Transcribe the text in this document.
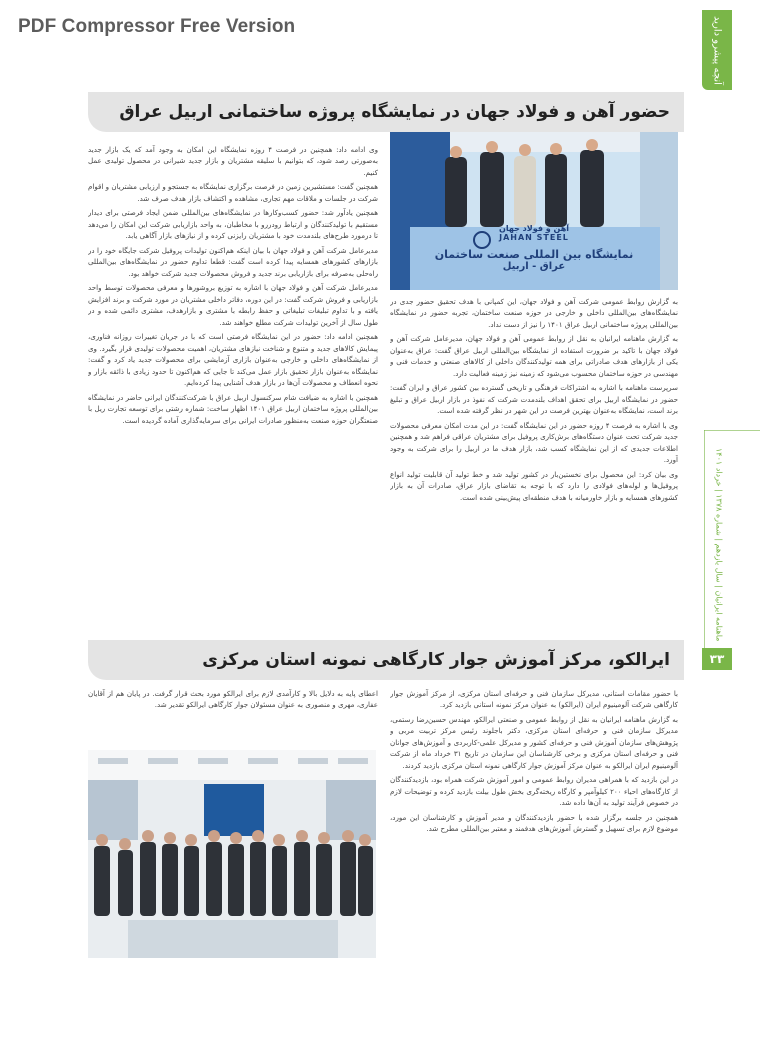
PDF Compressor Free Version	آنچه پیشرو دارید
ماهنامه ایرانیان | سال یازدهم | شماره ۱۳۷۸ | خرداد ۱۴۰۱
۳۳
حضور آهن و فولاد جهان در نمایشگاه پروژه ساختمانی اربیل عراق
آهن و فولاد جهان
JAHAN STEEL
نمایشگاه بین المللی صنعت ساختمان
عراق - اربیل

وی ادامه داد: همچنین در فرصت ۴ روزه نمایشگاه این امکان به وجود آمد که یک بازار جدید به‌صورتی رصد شود، که بتوانیم با سلیقه مشتریان و بازار جدید شیرانی در محصول تولیدی عمل کنیم.

همچنین گفت: مستشیرین زمین در فرصت برگزاری نمایشگاه به جستجو و ارزیابی مشتریان و اقوام شرکت در جلسات و ملاقات مهم تجاری، مشاهده و اکتشاف بازار هدف صرف شد.

همچنین یادآور شد: حضور کسب‌وکارها در نمایشگاه‌های بین‌المللی ضمن ایجاد فرصتی برای دیدار مستقیم با تولیدکنندگان و ارتباط رودررو با مخاطبان، به واحد بازاریابی شرکت این امکان را می‌دهد تا درمورد طرح‌های بلندمدت خود با مشتریان رایزنی کرده و از نیازهای بازار آگاهی یابد.

مدیرعامل شرکت آهن و فولاد جهان با بیان اینکه هم‌اکنون تولیدات پروفیل شرکت جایگاه خود را در بازارهای کشورهای همسایه پیدا کرده است گفت: قطعا تداوم حضور در نمایشگاه‌های بین‌المللی راه‌حلی به‌صرفه برای بازاریابی برند جدید و فروش محصولات جدید شرکت خواهد بود.

مدیرعامل شرکت آهن و فولاد جهان با اشاره به توزیع بروشورها و معرفی محصولات توسط واحد بازاریابی و فروش شرکت گفت: در این دوره، دفاتر داخلی مشتریان در مورد شرکت و برند افزایش یافته و با تداوم تبلیغات تبلیغاتی و حفظ رابطه با مشتری و بازارهدف، مشتری دائمی شده و در طول سال از آخرین تولیدات شرکت مطلع خواهند شد.

همچنین ادامه داد: حضور در این نمایشگاه فرصتی است که با در جریان تغییرات روزانه فناوری، پیمایش کالاهای جدید و متنوع و شناخت نیازهای مشتریان، اهمیت محصولات تولیدی قرار بگیرد. وی از نمایشگاه‌های داخلی و خارجی به‌عنوان بازاری آزمایشی برای محصولات جدید یاد کرد و گفت: نمایشگاه به‌عنوان بازار تحقیق بازار عمل می‌کند تا جایی که هم‌اکنون تا حدود زیادی با ذائقه بازار و نحوه انعطاف و محصولات آن‌ها در بازار هدف آشنایی پیدا کرده‌ایم.

همچنین با اشاره به ضیافت شام سرکنسول اربیل عراق با شرکت‌کنندگان ایرانی حاضر در نمایشگاه بین‌المللی پروژه ساختمان اربیل عراق ۱۴۰۱ اظهار ساخت: شماره رشتی برای توسعه تجارت ریل با صنعتگران حوزه صنعت به‌منظور صادرات ایرانی برای سرمایه‌گذاری آماده گردیده است.

به گزارش روابط عمومی شرکت آهن و فولاد جهان، این کمپانی با هدف تحقیق حضور جدی در نمایشگاه‌های بین‌المللی داخلی و خارجی در حوزه صنعت ساختمان، تجربه حضور در نمایشگاه بین‌المللی پروژه ساختمانی اربیل عراق ۱۴۰۱ را نیز از دست نداد.

به گزارش ماهنامه ایرانیان به نقل از روابط عمومی آهن و فولاد جهان، مدیرعامل شرکت آهن و فولاد جهان با تاکید بر ضرورت استفاده از نمایشگاه بین‌المللی اربیل عراق گفت: عراق به‌عنوان یکی از بازارهای هدف صادراتی برای همه تولیدکنندگان داخلی از کالاهای صنعتی و خدمات فنی و مهندسی در حوزه ساختمان محسوب می‌شود که زمینه نیز زمینه فعالیت دارد.

سرپرست ماهنامه با اشاره به اشتراکات فرهنگی و تاریخی گسترده بین کشور عراق و ایران گفت: حضور در نمایشگاه اربیل برای تحقق اهداف بلندمدت شرکت که نفوذ در بازار اربیل عراق و تبلیغ برند است، نمایشگاه به‌عنوان بهترین فرصت در این شهر در نظر گرفته شده است.

وی با اشاره به فرصت ۴ روزه حضور در این نمایشگاه گفت: در این مدت امکان معرفی محصولات جدید شرکت تحت عنوان دستگاه‌های برش‌کاری پروفیل برای مشتریان عراقی فراهم شد و همچنین اطلاعات جدیدی که از این نمایشگاه کسب شد، بازار هدف ما در اربیل را برای شرکت به وجود آورد.

وی بیان کرد: این محصول برای نخستین‌بار در کشور تولید شد و خط تولید آن قابلیت تولید انواع پروفیل‌ها و لوله‌های فولادی را دارد که با توجه به تقاضای بازار عراق، صادرات آن به بازار کشورهای همسایه و بازار خاورمیانه با هدف منطقه‌ای پیش‌بینی شده است.

ایرالکو، مرکز آموزش جوار کارگاهی نمونه استان مرکزی

اعطای پایه به دلایل بالا و کارآمدی لازم برای ایرالکو مورد بحث قرار گرفت. در پایان هم از آقایان عفاری، مهری و منصوری به عنوان مسئولان جوار کارگاهی ایرالکو تقدیر شد.

با حضور مقامات استانی، مدیرکل سازمان فنی و حرفه‌ای استان مرکزی، از مرکز آموزش جوار کارگاهی شرکت آلومینیوم ایران (ایرالکو) به عنوان مرکز نمونه استانی بازدید کرد.

به گزارش ماهنامه ایرانیان به نقل از روابط عمومی و صنعتی ایرالکو، مهندس حسین‌رضا رستمی، مدیرکل سازمان فنی و حرفه‌ای استان مرکزی، دکتر باجلوند رئیس مرکز تربیت مربی و پژوهش‌های سازمان آموزش فنی و حرفه‌ای کشور و مدیرکل علمی-کاربردی و آموزش‌های جوانان فنی و حرفه‌ای استان مرکزی و برخی کارشناسان این سازمان در تاریخ ۳۱ خرداد ماه از شرکت آلومینیوم ایران ایرالکو به عنوان مرکز آموزش جوار کارگاهی نمونه استان مرکزی بازدید کردند.

در این بازدید که با همراهی مدیران روابط عمومی و امور آموزش شرکت همراه بود، بازدیدکنندگان از کارگاه‌های احیاء ۲۰۰ کیلوآمپر و کارگاه ریخته‌گری بخش طول بیلت بازدید کرده و توضیحات لازم در خصوص فرآیند تولید به آن‌ها داده شد.

همچنین در جلسه برگزار شده با حضور بازدیدکنندگان و مدیر آموزش و کارشناسان این مورد، موضوع لازم برای تسهیل و گسترش آموزش‌های هدفمند و معتبر بین‌المللی مطرح شد.
